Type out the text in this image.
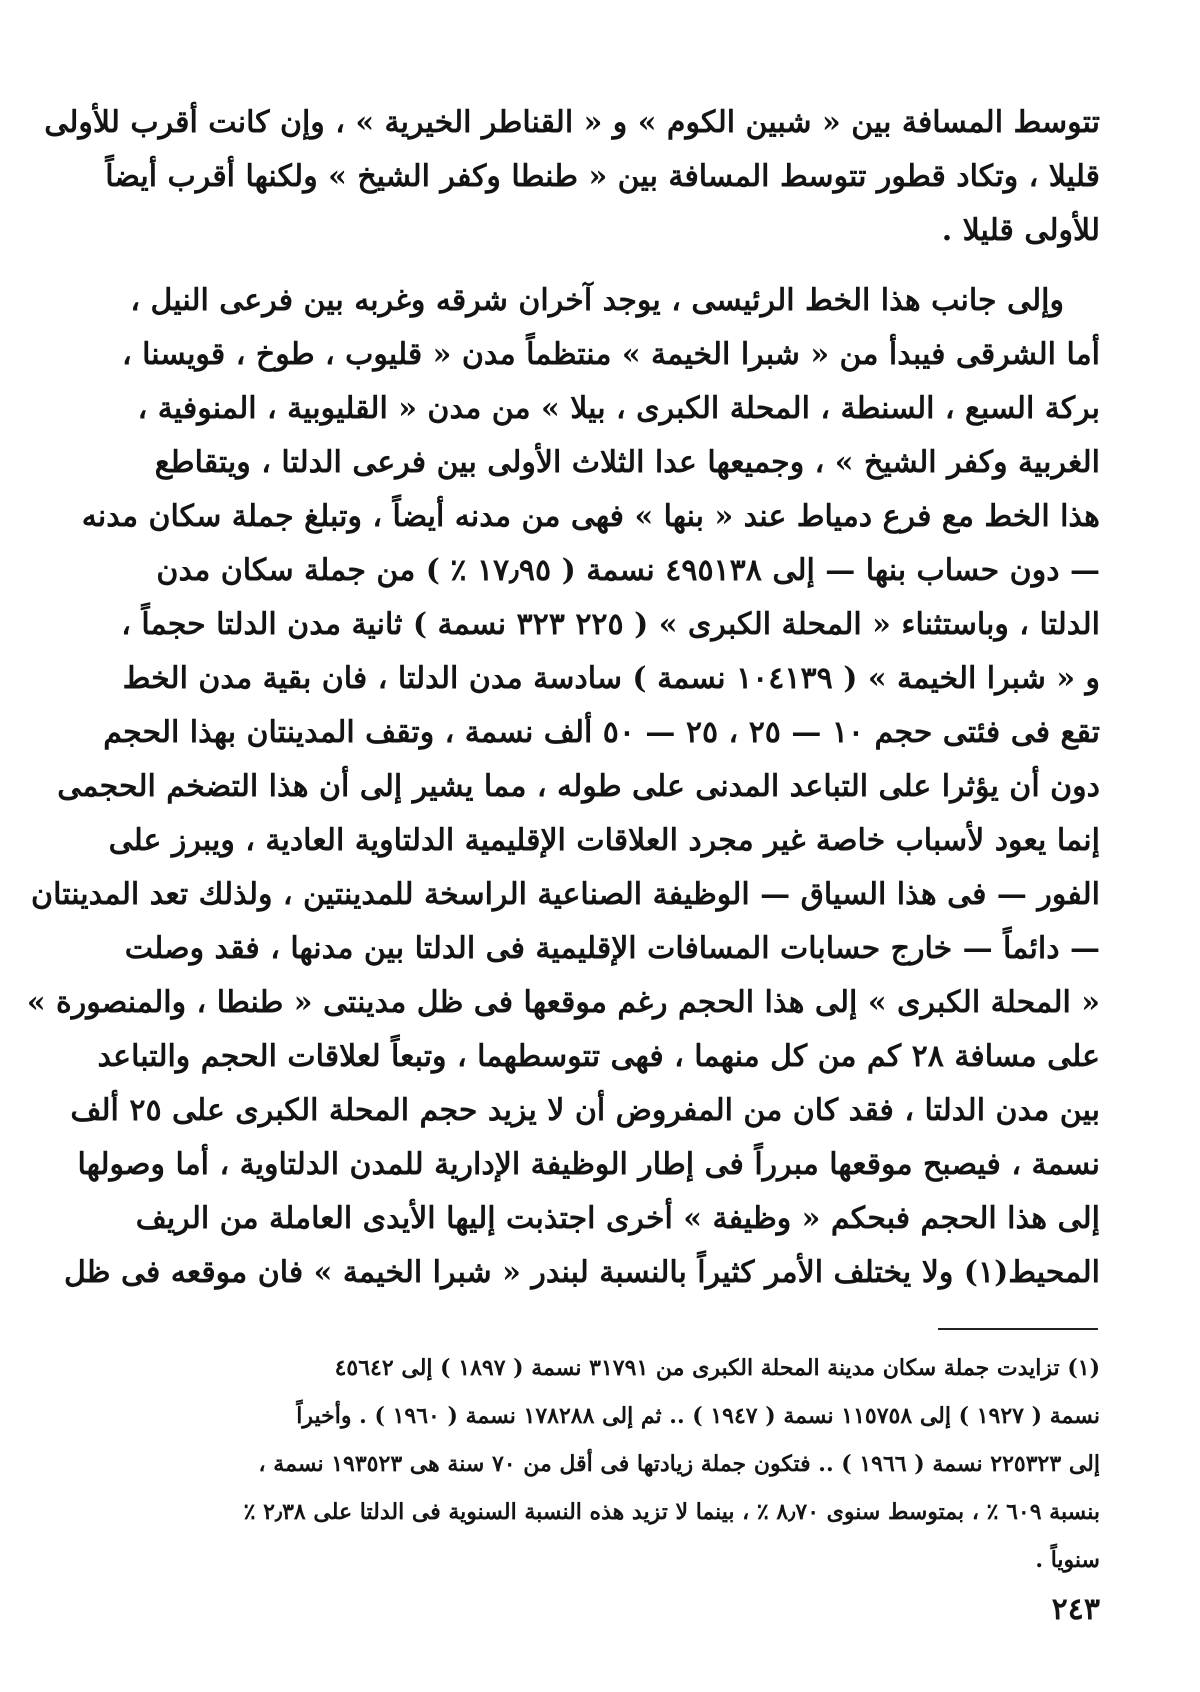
تتوسط المسافة بين « شبين الكوم » و « القناطر الخيرية » ، وإن كانت أقرب للأولى
قليلا ، وتكاد قطور تتوسط المسافة بين « طنطا وكفر الشيخ » ولكنها أقرب أيضاً
للأولى قليلا .

وإلى جانب هذا الخط الرئيسى ، يوجد آخران شرقه وغربه بين فرعى النيل ،
أما الشرقى فيبدأ من « شبرا الخيمة » منتظماً مدن « قليوب ، طوخ ، قويسنا ،
بركة السبع ، السنطة ، المحلة الكبرى ، بيلا » من مدن « القليوبية ، المنوفية ،
الغربية وكفر الشيخ » ، وجميعها عدا الثلاث الأولى بين فرعى الدلتا ، ويتقاطع
هذا الخط مع فرع دمياط عند « بنها » فهى من مدنه أيضاً ، وتبلغ جملة سكان مدنه
— دون حساب بنها — إلى ٤٩٥١٣٨ نسمة ( ١٧٫٩٥ ٪ ) من جملة سكان مدن
الدلتا ، وباستثناء « المحلة الكبرى » ( ٢٢٥ ٣٢٣ نسمة ) ثانية مدن الدلتا حجماً ،
و « شبرا الخيمة » ( ١٠٤١٣٩ نسمة ) سادسة مدن الدلتا ، فان بقية مدن الخط
تقع فى فئتى حجم ١٠ — ٢٥ ، ٢٥ — ٥٠ ألف نسمة ، وتقف المدينتان بهذا الحجم
دون أن يؤثرا على التباعد المدنى على طوله ، مما يشير إلى أن هذا التضخم الحجمى
إنما يعود لأسباب خاصة غير مجرد العلاقات الإقليمية الدلتاوية العادية ، ويبرز على
الفور — فى هذا السياق — الوظيفة الصناعية الراسخة للمدينتين ، ولذلك تعد المدينتان
— دائماً — خارج حسابات المسافات الإقليمية فى الدلتا بين مدنها ، فقد وصلت
« المحلة الكبرى » إلى هذا الحجم رغم موقعها فى ظل مدينتى « طنطا ، والمنصورة »
على مسافة ٢٨ كم من كل منهما ، فهى تتوسطهما ، وتبعاً لعلاقات الحجم والتباعد
بين مدن الدلتا ، فقد كان من المفروض أن لا يزيد حجم المحلة الكبرى على ٢٥ ألف
نسمة ، فيصبح موقعها مبرراً فى إطار الوظيفة الإدارية للمدن الدلتاوية ، أما وصولها
إلى هذا الحجم فبحكم « وظيفة » أخرى اجتذبت إليها الأيدى العاملة من الريف
المحيط(١) ولا يختلف الأمر كثيراً بالنسبة لبندر « شبرا الخيمة » فان موقعه فى ظل

(١) تزايدت جملة سكان مدينة المحلة الكبرى من ٣١٧٩١ نسمة ( ١٨٩٧ ) إلى ٤٥٦٤٢
نسمة ( ١٩٢٧ ) إلى ١١٥٧٥٨ نسمة ( ١٩٤٧ ) .. ثم إلى ١٧٨٢٨٨ نسمة ( ١٩٦٠ ) . وأخيراً
إلى ٢٢٥٣٢٣ نسمة ( ١٩٦٦ ) .. فتكون جملة زيادتها فى أقل من ٧٠ سنة هى ١٩٣٥٢٣ نسمة ،
بنسبة ٦٠٩ ٪ ، بمتوسط سنوى ٨٫٧٠ ٪ ، بينما لا تزيد هذه النسبة السنوية فى الدلتا على ٢٫٣٨ ٪
سنوياً .
٢٤٣
